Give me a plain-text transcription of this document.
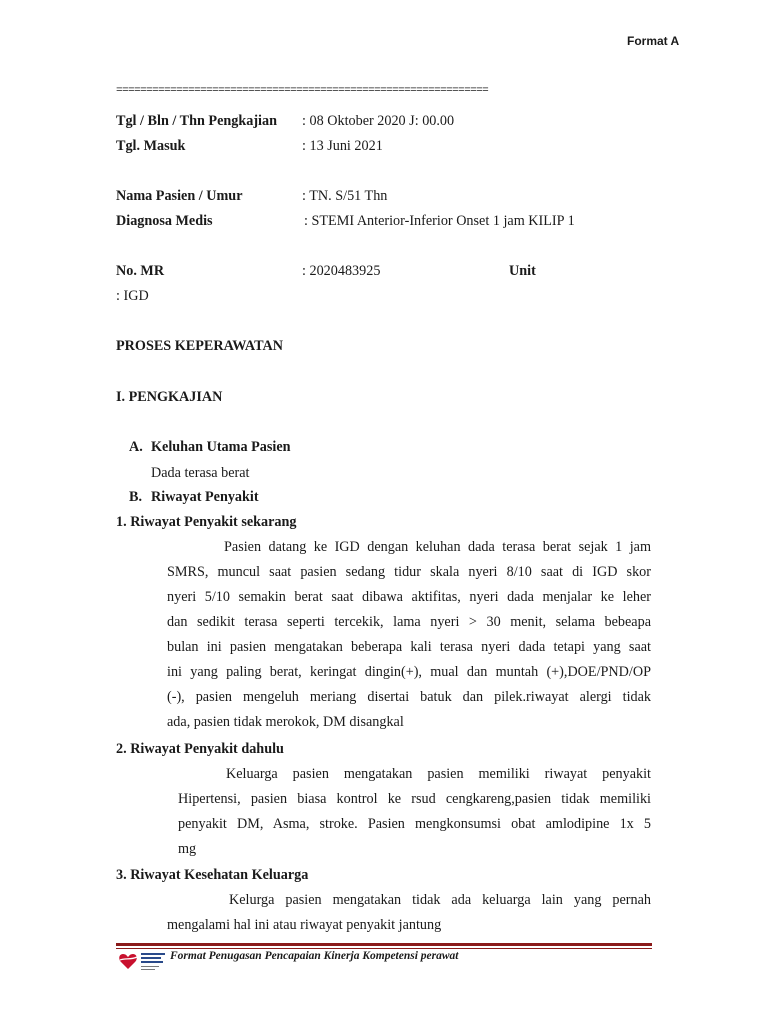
Format A
==============================================================
Tgl / Bln / Thn Pengkajian : 08 Oktober 2020 J: 00.00
Tgl. Masuk	: 13 Juni 2021
Nama Pasien / Umur	: TN. S/51 Thn
Diagnosa Medis	: STEMI Anterior-Inferior Onset 1 jam KILIP 1
No. MR	: 2020483925	Unit
: IGD
PROSES KEPERAWATAN
I. PENGKAJIAN
A. Keluhan Utama Pasien
Dada terasa berat
B. Riwayat Penyakit
1. Riwayat Penyakit sekarang
Pasien datang ke IGD dengan keluhan dada terasa berat sejak 1 jam
SMRS, muncul saat pasien sedang tidur skala nyeri 8/10 saat di IGD skor
nyeri 5/10 semakin berat saat dibawa aktifitas, nyeri dada menjalar ke leher
dan sedikit terasa seperti tercekik, lama nyeri > 30 menit, selama bebeapa
bulan ini pasien mengatakan beberapa kali terasa nyeri dada tetapi yang saat
ini yang paling berat, keringat dingin(+), mual dan muntah (+),DOE/PND/OP
(-), pasien mengeluh meriang disertai batuk dan pilek.riwayat alergi tidak
ada, pasien tidak merokok, DM disangkal
2. Riwayat Penyakit dahulu
Keluarga pasien mengatakan pasien memiliki riwayat penyakit
Hipertensi, pasien biasa kontrol ke rsud cengkareng,pasien tidak memiliki
penyakit DM, Asma, stroke. Pasien mengkonsumsi obat amlodipine 1x 5
mg
3. Riwayat Kesehatan Keluarga
Kelurga pasien mengatakan tidak ada keluarga lain yang pernah
mengalami hal ini atau riwayat penyakit jantung
Format Penugasan Pencapaian Kinerja Kompetensi perawat
